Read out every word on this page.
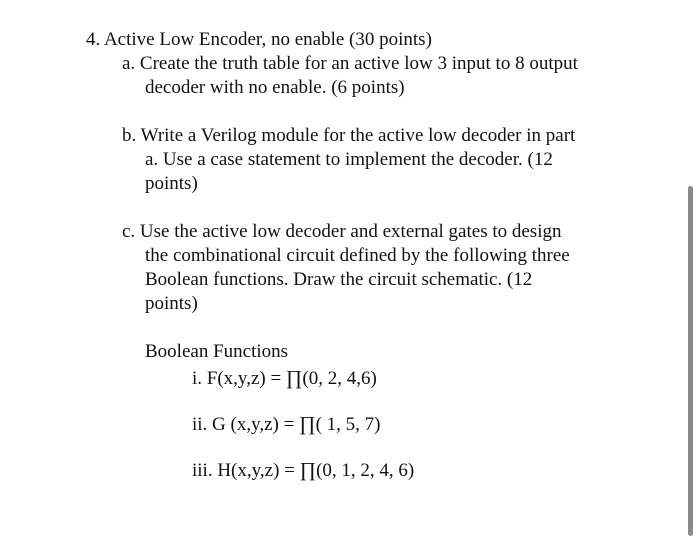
4. Active Low Encoder, no enable (30 points)
a. Create the truth table for an active low 3 input to 8 output
decoder with no enable. (6 points)
b. Write a Verilog module for the active low decoder in part
a. Use a case statement to implement the decoder. (12
points)
c. Use the active low decoder and external gates to design
the combinational circuit defined by the following three
Boolean functions. Draw the circuit schematic. (12
points)
Boolean Functions
i. F(x,y,z) = ∏(0, 2, 4,6)
ii. G (x,y,z) = ∏( 1, 5, 7)
iii. H(x,y,z) = ∏(0, 1, 2, 4, 6)
